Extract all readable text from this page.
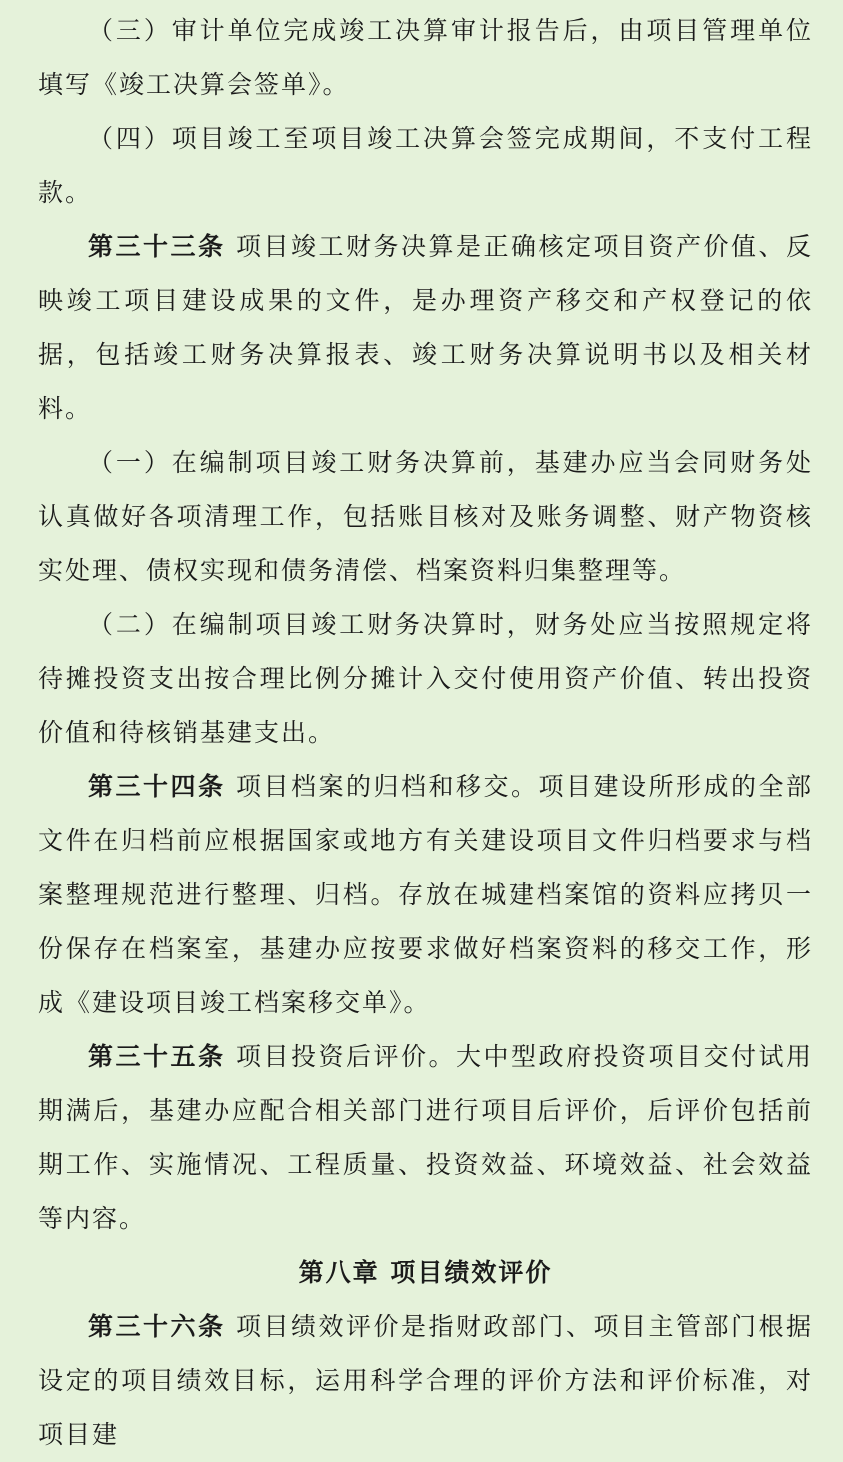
（三）审计单位完成竣工决算审计报告后，由项目管理单位填写《竣工决算会签单》。

（四）项目竣工至项目竣工决算会签完成期间，不支付工程款。

第三十三条 项目竣工财务决算是正确核定项目资产价值、反映竣工项目建设成果的文件，是办理资产移交和产权登记的依据，包括竣工财务决算报表、竣工财务决算说明书以及相关材料。

（一）在编制项目竣工财务决算前，基建办应当会同财务处认真做好各项清理工作，包括账目核对及账务调整、财产物资核实处理、债权实现和债务清偿、档案资料归集整理等。

（二）在编制项目竣工财务决算时，财务处应当按照规定将待摊投资支出按合理比例分摊计入交付使用资产价值、转出投资价值和待核销基建支出。

第三十四条 项目档案的归档和移交。项目建设所形成的全部文件在归档前应根据国家或地方有关建设项目文件归档要求与档案整理规范进行整理、归档。存放在城建档案馆的资料应拷贝一份保存在档案室，基建办应按要求做好档案资料的移交工作，形成《建设项目竣工档案移交单》。

第三十五条 项目投资后评价。大中型政府投资项目交付试用期满后，基建办应配合相关部门进行项目后评价，后评价包括前期工作、实施情况、工程质量、投资效益、环境效益、社会效益等内容。

第八章 项目绩效评价

第三十六条 项目绩效评价是指财政部门、项目主管部门根据设定的项目绩效目标，运用科学合理的评价方法和评价标准，对项目建
